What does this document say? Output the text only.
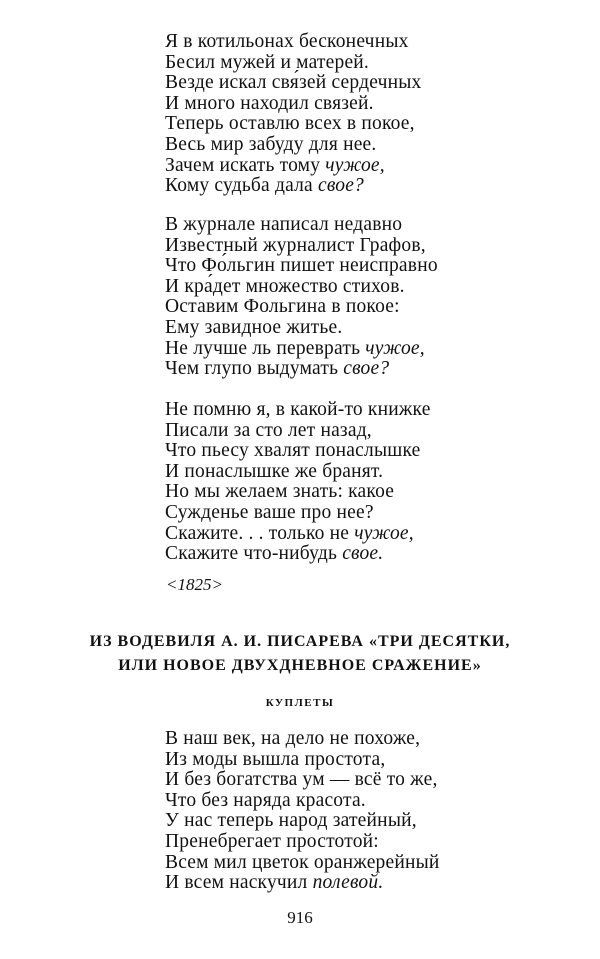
Я в котильонах бесконечных
Бесил мужей и матерей.
Везде искал свя́зей сердечных
И много находил связей.
Теперь оставлю всех в покое,
Весь мир забуду для нее.
Зачем искать тому чужое,
Кому судьба дала свое?
В журнале написал недавно
Известный журналист Графов,
Что Фо́льгин пишет неисправно
И кра́дет множество стихов.
Оставим Фольгина в покое:
Ему завидное житье.
Не лучше ль переврать чужое,
Чем глупо выдумать свое?
Не помню я, в какой-то книжке
Писали за сто лет назад,
Что пьесу хвалят понаслышке
И понаслышке же бранят.
Но мы желаем знать: какое
Сужденье ваше про нее?
Скажите. . . только не чужое,
Скажите что-нибудь свое.
<1825>
ИЗ ВОДЕВИЛЯ А. И. ПИСАРЕВА «ТРИ ДЕСЯТКИ,
ИЛИ НОВОЕ ДВУХДНЕВНОЕ СРАЖЕНИЕ»
КУПЛЕТЫ
В наш век, на дело не похоже,
Из моды вышла простота,
И без богатства ум — всё то же,
Что без наряда красота.
У нас теперь народ затейный,
Пренебрегает простотой:
Всем мил цветок оранжерейный
И всем наскучил полевой.
916
